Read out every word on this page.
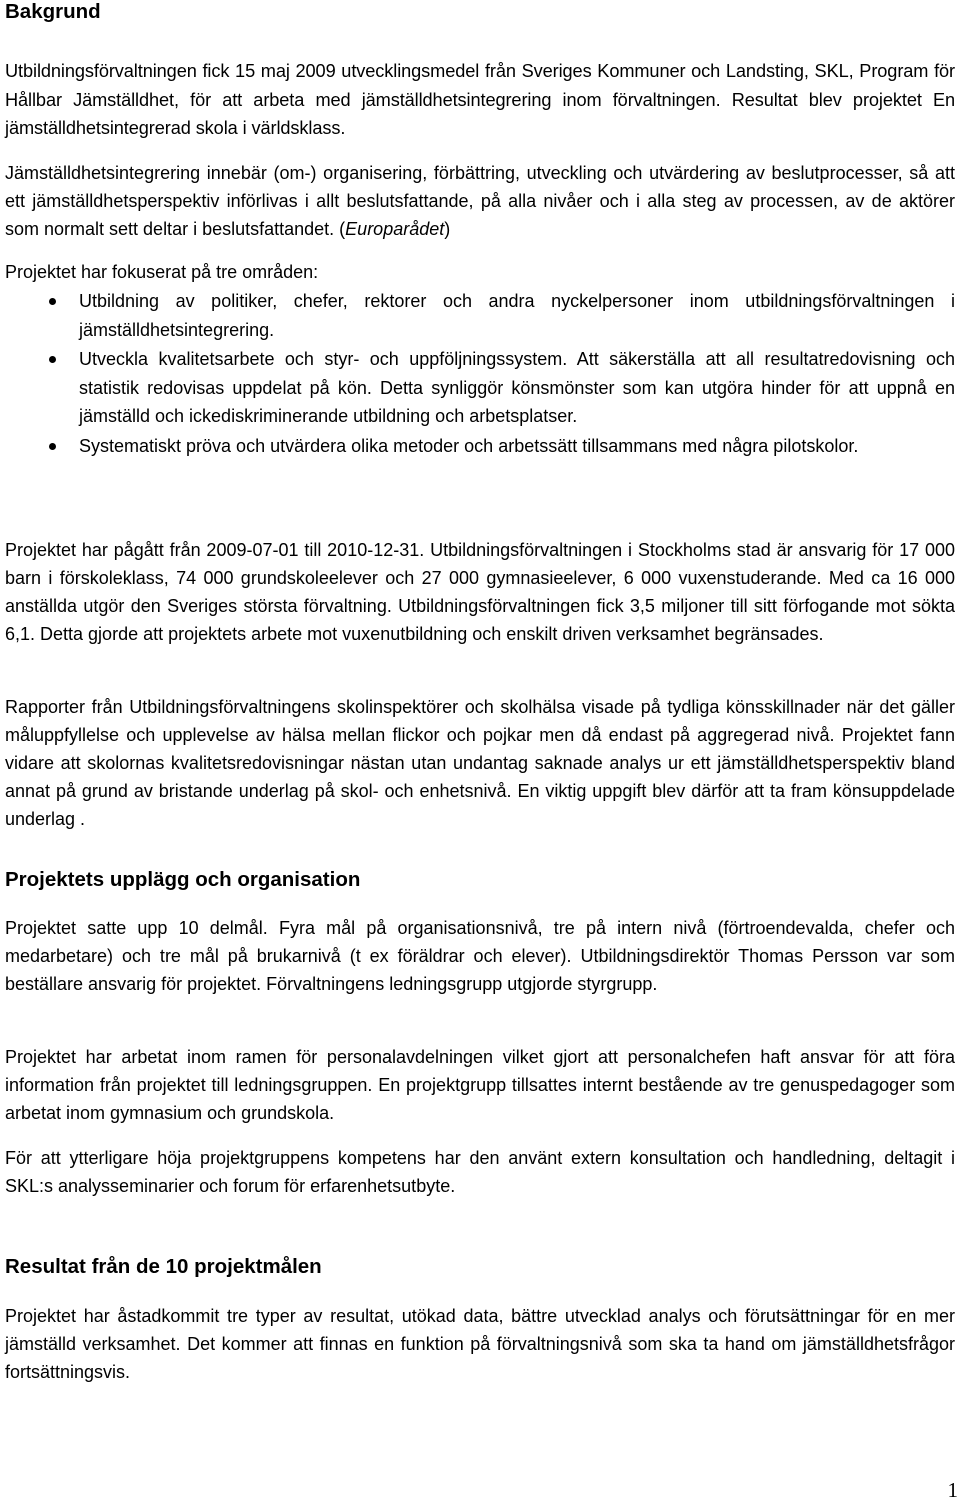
Bakgrund

Utbildningsförvaltningen fick 15 maj 2009 utvecklingsmedel från Sveriges Kommuner och Landsting, SKL, Program för Hållbar Jämställdhet, för att arbeta med jämställdhetsintegrering inom förvaltningen. Resultat blev projektet En jämställdhetsintegrerad skola i världsklass.

Jämställdhetsintegrering innebär (om-) organisering, förbättring, utveckling och utvärdering av beslutprocesser, så att ett jämställdhetsperspektiv införlivas i allt beslutsfattande, på alla nivåer och i alla steg av processen, av de aktörer som normalt sett deltar i beslutsfattandet. (Europarådet)

Projektet har fokuserat på tre områden:

Utbildning av politiker, chefer, rektorer och andra nyckelpersoner inom utbildningsförvaltningen i jämställdhetsintegrering.
Utveckla kvalitetsarbete och styr- och uppföljningssystem. Att säkerställa att all resultatredovisning och statistik redovisas uppdelat på kön. Detta synliggör könsmönster som kan utgöra hinder för att uppnå en jämställd och ickediskriminerande utbildning och arbetsplatser.
Systematiskt pröva och utvärdera olika metoder och arbetssätt tillsammans med några pilotskolor.

Projektet har pågått från 2009-07-01 till 2010-12-31. Utbildningsförvaltningen i Stockholms stad är ansvarig för 17 000 barn i förskoleklass, 74 000 grundskoleelever och 27 000 gymnasieelever, 6 000 vuxenstuderande. Med ca 16 000 anställda utgör den Sveriges största förvaltning. Utbildningsförvaltningen fick 3,5 miljoner till sitt förfogande mot sökta 6,1. Detta gjorde att projektets arbete mot vuxenutbildning och enskilt driven verksamhet begränsades.

Rapporter från Utbildningsförvaltningens skolinspektörer och skolhälsa visade på tydliga könsskillnader när det gäller måluppfyllelse och upplevelse av hälsa mellan flickor och pojkar men då endast på aggregerad nivå. Projektet fann vidare att skolornas kvalitetsredovisningar nästan utan undantag saknade analys ur ett jämställdhetsperspektiv bland annat på grund av bristande underlag på skol- och enhetsnivå. En viktig uppgift blev därför att ta fram könsuppdelade underlag .

Projektets upplägg och organisation

Projektet satte upp 10 delmål. Fyra mål på organisationsnivå, tre på intern nivå (förtroendevalda, chefer och medarbetare) och tre mål på brukarnivå (t ex föräldrar och elever). Utbildningsdirektör Thomas Persson var som beställare ansvarig för projektet. Förvaltningens ledningsgrupp utgjorde styrgrupp.

Projektet har arbetat inom ramen för personalavdelningen vilket gjort att personalchefen haft ansvar för att föra information från projektet till ledningsgruppen. En projektgrupp tillsattes internt bestående av tre genuspedagoger som arbetat inom gymnasium och grundskola.

För att ytterligare höja projektgruppens kompetens har den använt extern konsultation och handledning, deltagit i SKL:s analysseminarier och forum för erfarenhetsutbyte.

Resultat från de 10 projektmålen

Projektet har åstadkommit tre typer av resultat, utökad data, bättre utvecklad analys och förutsättningar för en mer jämställd verksamhet. Det kommer att finnas en funktion på förvaltningsnivå som ska ta hand om jämställdhetsfrågor fortsättningsvis.

1
